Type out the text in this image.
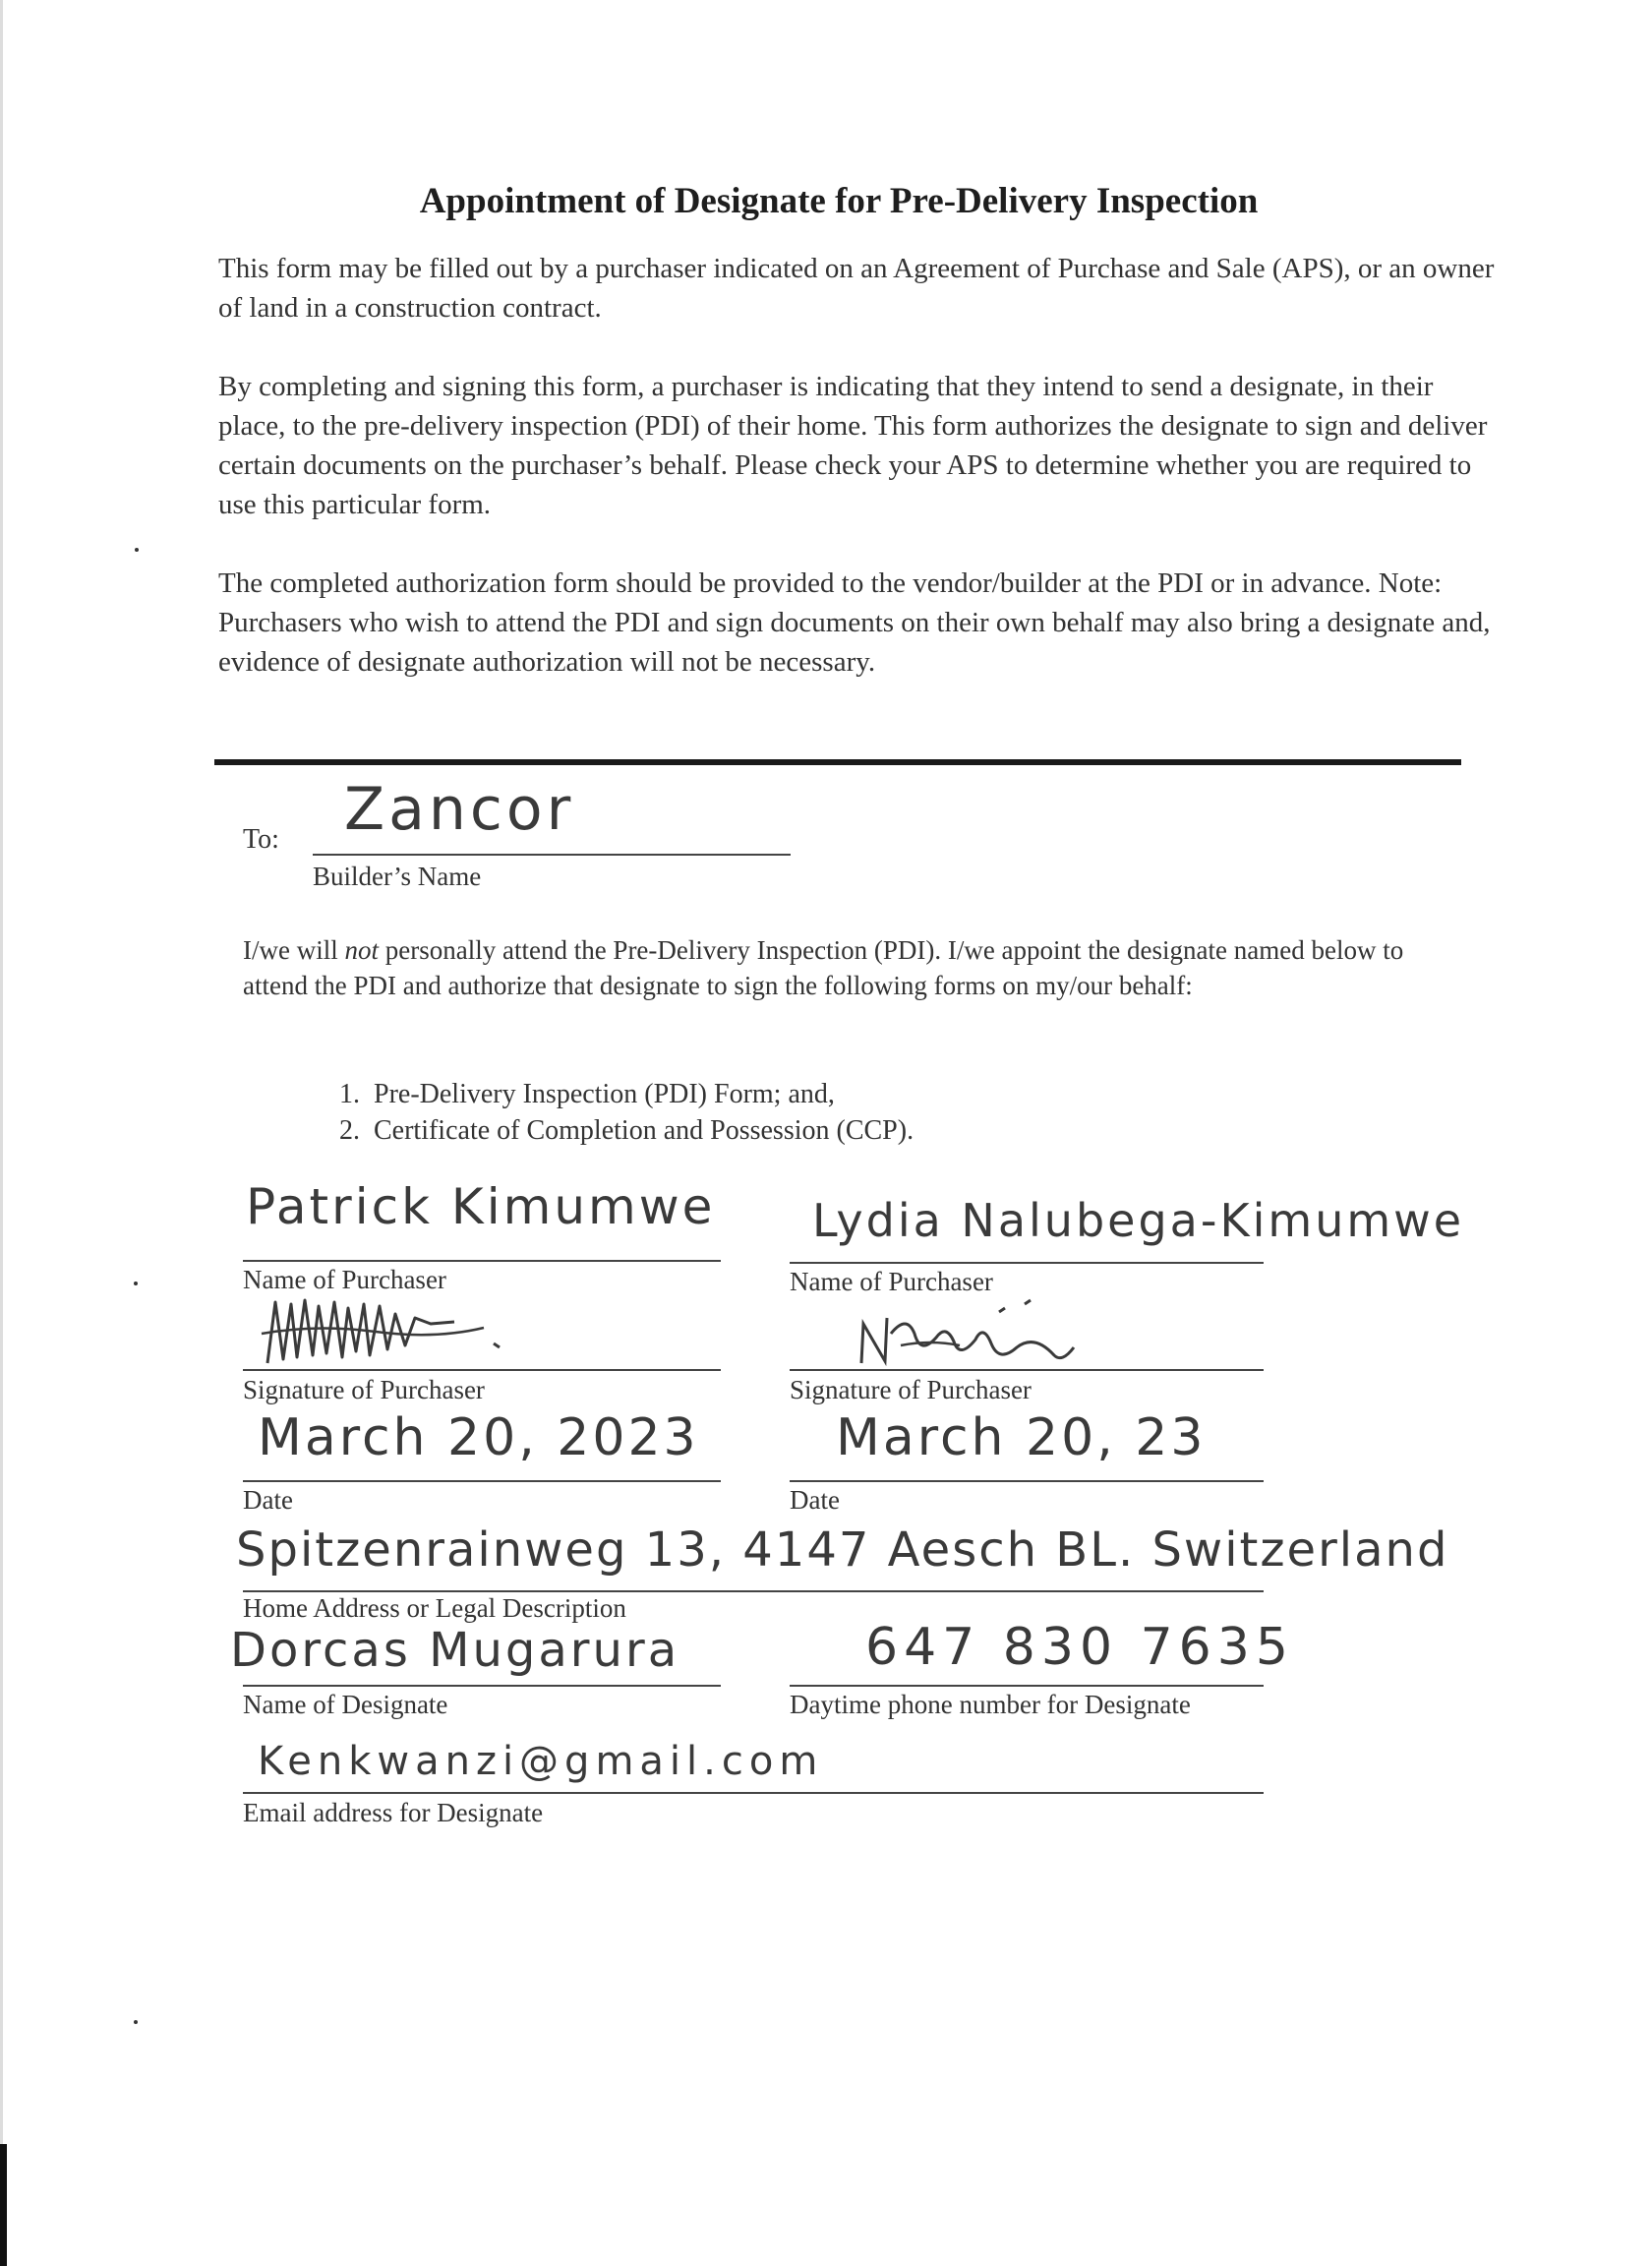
Appointment of Designate for Pre-Delivery Inspection
This form may be filled out by a purchaser indicated on an Agreement of Purchase and Sale (APS), or an owner of land in a construction contract.
By completing and signing this form, a purchaser is indicating that they intend to send a designate, in their place, to the pre-delivery inspection (PDI) of their home. This form authorizes the designate to sign and deliver certain documents on the purchaser’s behalf. Please check your APS to determine whether you are required to use this particular form.
The completed authorization form should be provided to the vendor/builder at the PDI or in advance. Note: Purchasers who wish to attend the PDI and sign documents on their own behalf may also bring a designate and, evidence of designate authorization will not be necessary.
To: Zancor
Builder’s Name
I/we will not personally attend the Pre-Delivery Inspection (PDI). I/we appoint the designate named below to attend the PDI and authorize that designate to sign the following forms on my/our behalf:
1. Pre-Delivery Inspection (PDI) Form; and,
2. Certificate of Completion and Possession (CCP).
Patrick Kimumwe
Name of Purchaser
Lydia Nalubega-Kimumwe
Name of Purchaser
Signature of Purchaser	Signature of Purchaser
March 20, 2023
Date
March 20, 23
Date
Spitzenrainweg 13, 4147 Aesch BL. Switzerland
Home Address or Legal Description
Dorcas Mugarura
Name of Designate
647 830 7635
Daytime phone number for Designate
Kenkwanzi@gmail.com
Email address for Designate
